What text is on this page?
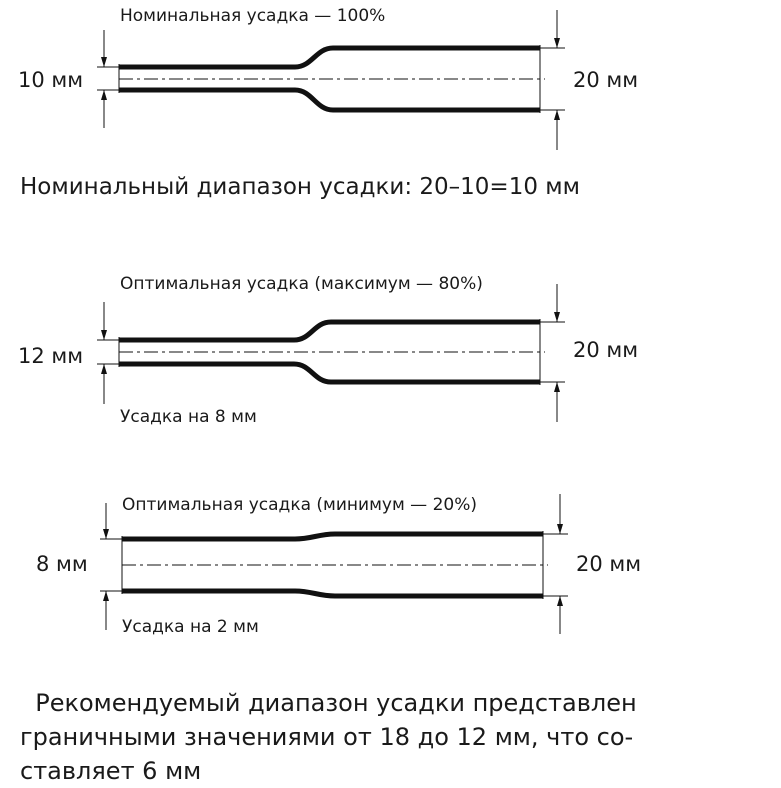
Номинальная усадка — 100%
10 мм	20 мм
Номинальный диапазон усадки: 20–10=10 мм
Оптимальная усадка (максимум — 80%)
12 мм	20 мм
Усадка на 8 мм
Оптимальная усадка (минимум — 20%)
8 мм	20 мм
Усадка на 2 мм
Рекомендуемый диапазон усадки представлен
граничными значениями от 18 до 12 мм, что со-
ставляет 6 мм
